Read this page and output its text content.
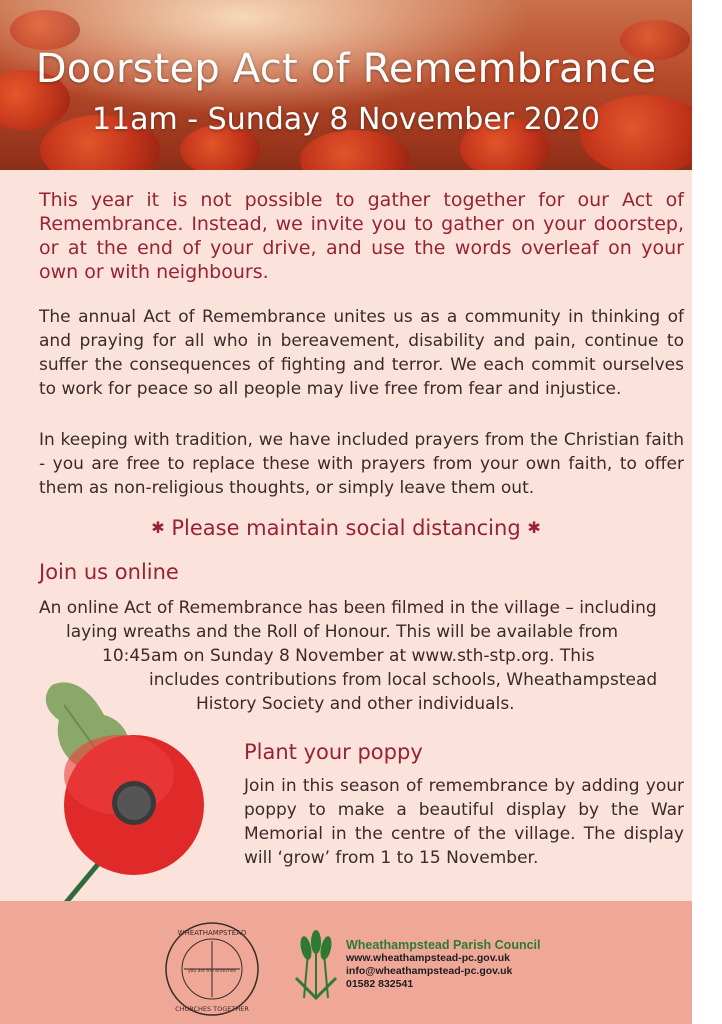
Doorstep Act of Remembrance
11am - Sunday 8 November 2020
This year it is not possible to gather together for our Act of Remembrance. Instead, we invite you to gather on your doorstep, or at the end of your drive, and use the words overleaf on your own or with neighbours.
The annual Act of Remembrance unites us as a community in thinking of and praying for all who in bereavement, disability and pain, continue to suffer the consequences of fighting and terror. We each commit ourselves to work for peace so all people may live free from fear and injustice.
In keeping with tradition, we have included prayers from the Christian faith - you are free to replace these with prayers from your own faith, to offer them as non-religious thoughts, or simply leave them out.
✱ Please maintain social distancing ✱
Join us online
An online Act of Remembrance has been filmed in the village – including
laying wreaths and the Roll of Honour. This will be available from
10:45am on Sunday 8 November at www.sth-stp.org. This
includes contributions from local schools, Wheathampstead
History Society and other individuals.
Plant your poppy
Join in this season of remembrance by adding your poppy to make a beautiful display by the War Memorial in the centre of the village. The display will ‘grow’ from 1 to 15 November.
WHEATHAMPSTEAD
you are the branches
CHURCHES TOGETHER
Wheathampstead Parish Council
www.wheathampstead-pc.gov.uk
info@wheathampstead-pc.gov.uk
01582 832541
